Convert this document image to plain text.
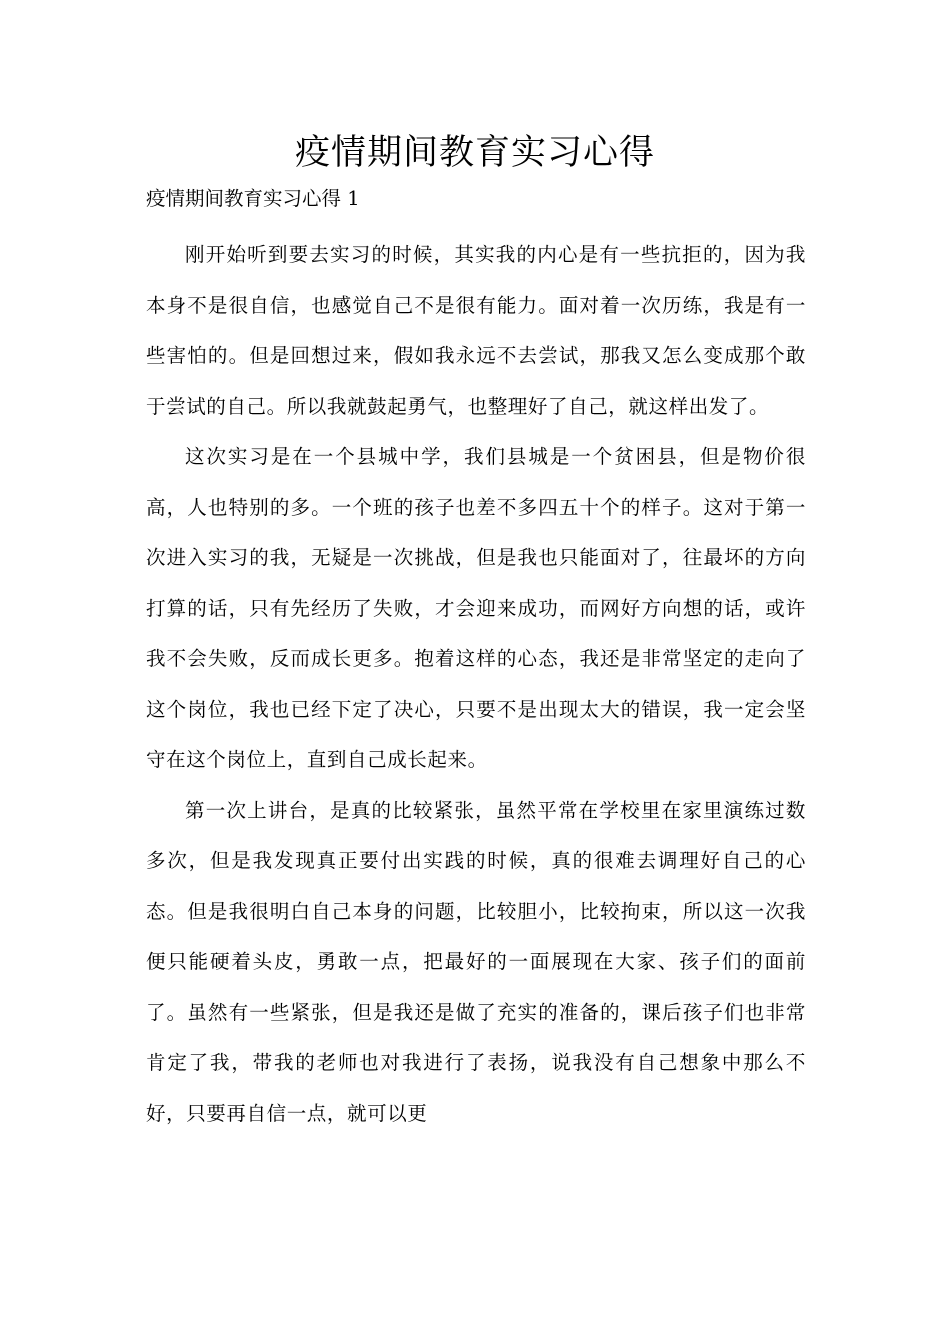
疫情期间教育实习心得
疫情期间教育实习心得 1

刚开始听到要去实习的时候，其实我的内心是有一些抗拒的，因为我本身不是很自信，也感觉自己不是很有能力。面对着一次历练，我是有一些害怕的。但是回想过来，假如我永远不去尝试，那我又怎么变成那个敢于尝试的自己。所以我就鼓起勇气，也整理好了自己，就这样出发了。

这次实习是在一个县城中学，我们县城是一个贫困县，但是物价很高，人也特别的多。一个班的孩子也差不多四五十个的样子。这对于第一次进入实习的我，无疑是一次挑战，但是我也只能面对了，往最坏的方向打算的话，只有先经历了失败，才会迎来成功，而网好方向想的话，或许我不会失败，反而成长更多。抱着这样的心态，我还是非常坚定的走向了这个岗位，我也已经下定了决心，只要不是出现太大的错误，我一定会坚守在这个岗位上，直到自己成长起来。

第一次上讲台，是真的比较紧张，虽然平常在学校里在家里演练过数多次，但是我发现真正要付出实践的时候，真的很难去调理好自己的心态。但是我很明白自己本身的问题，比较胆小，比较拘束，所以这一次我便只能硬着头皮，勇敢一点，把最好的一面展现在大家、孩子们的面前了。虽然有一些紧张，但是我还是做了充实的准备的，课后孩子们也非常肯定了我，带我的老师也对我进行了表扬，说我没有自己想象中那么不好，只要再自信一点，就可以更
